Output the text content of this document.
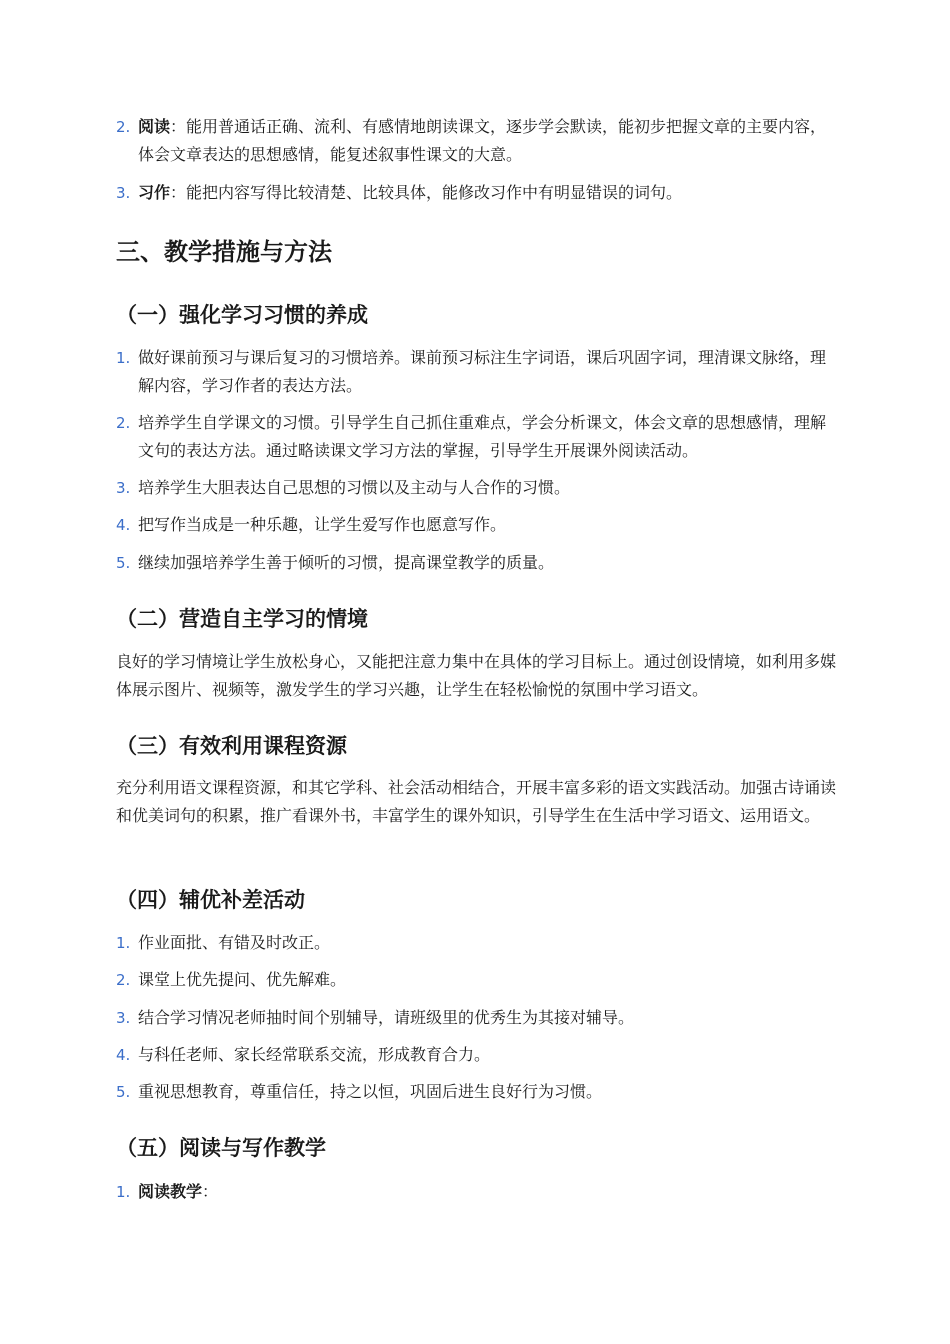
2. 阅读：能用普通话正确、流利、有感情地朗读课文，逐步学会默读，能初步把握文章的主要内容，体会文章表达的思想感情，能复述叙事性课文的大意。
3. 习作：能把内容写得比较清楚、比较具体，能修改习作中有明显错误的词句。
三、教学措施与方法
（一）强化学习习惯的养成
1. 做好课前预习与课后复习的习惯培养。课前预习标注生字词语，课后巩固字词，理清课文脉络，理解内容，学习作者的表达方法。
2. 培养学生自学课文的习惯。引导学生自己抓住重难点，学会分析课文，体会文章的思想感情，理解文句的表达方法。通过略读课文学习方法的掌握，引导学生开展课外阅读活动。
3. 培养学生大胆表达自己思想的习惯以及主动与人合作的习惯。
4. 把写作当成是一种乐趣，让学生爱写作也愿意写作。
5. 继续加强培养学生善于倾听的习惯，提高课堂教学的质量。
（二）营造自主学习的情境

良好的学习情境让学生放松身心，又能把注意力集中在具体的学习目标上。通过创设情境，如利用多媒体展示图片、视频等，激发学生的学习兴趣，让学生在轻松愉悦的氛围中学习语文。

（三）有效利用课程资源

充分利用语文课程资源，和其它学科、社会活动相结合，开展丰富多彩的语文实践活动。加强古诗诵读和优美词句的积累，推广看课外书，丰富学生的课外知识，引导学生在生活中学习语文、运用语文。

（四）辅优补差活动
1. 作业面批、有错及时改正。
2. 课堂上优先提问、优先解难。
3. 结合学习情况老师抽时间个别辅导，请班级里的优秀生为其接对辅导。
4. 与科任老师、家长经常联系交流，形成教育合力。
5. 重视思想教育，尊重信任，持之以恒，巩固后进生良好行为习惯。
（五）阅读与写作教学
1. 阅读教学：
